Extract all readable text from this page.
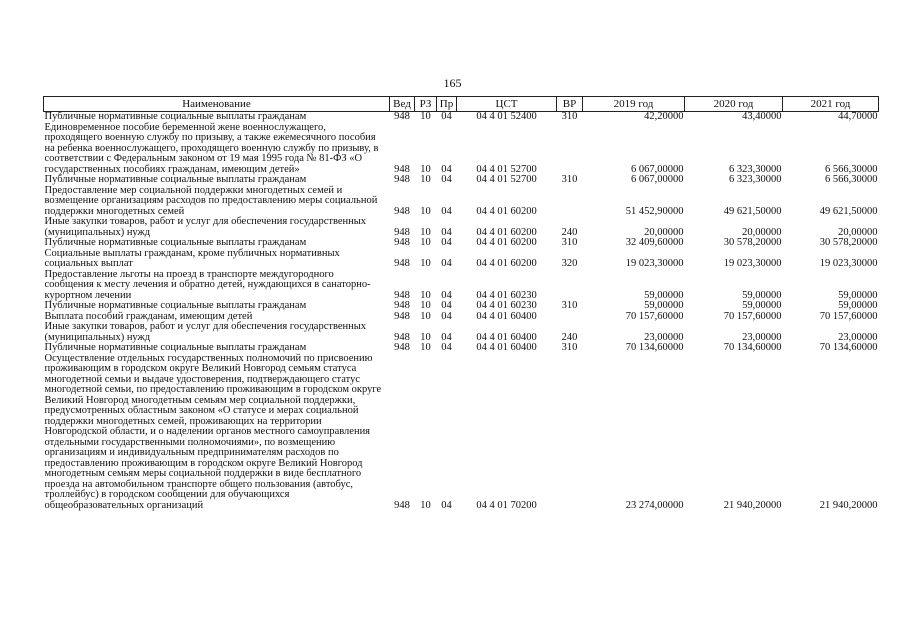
165
Наименование	Вед	РЗ	Пр	ЦСТ	ВР	2019 год	2020 год	2021 год
Публичные нормативные социальные выплаты гражданам	948	10	04	04 4 01 52400	310	42,20000	43,40000	44,70000
Единовременное пособие беременной жене военнослужащего, проходящего военную службу по призыву, а также ежемесячного пособия на ребенка военнослужащего, проходящего военную службу по призыву, в соответствии с Федеральным законом от 19 мая 1995 года № 81-ФЗ «О государственных пособиях гражданам, имеющим детей»	948	10	04	04 4 01 52700		6 067,00000	6 323,30000	6 566,30000
Публичные нормативные социальные выплаты гражданам	948	10	04	04 4 01 52700	310	6 067,00000	6 323,30000	6 566,30000
Предоставление мер социальной поддержки многодетных семей и возмещение организациям расходов по предоставлению меры социальной поддержки многодетных семей	948	10	04	04 4 01 60200		51 452,90000	49 621,50000	49 621,50000
Иные закупки товаров, работ и услуг для обеспечения государственных (муниципальных) нужд	948	10	04	04 4 01 60200	240	20,00000	20,00000	20,00000
Публичные нормативные социальные выплаты гражданам	948	10	04	04 4 01 60200	310	32 409,60000	30 578,20000	30 578,20000
Социальные выплаты гражданам, кроме публичных нормативных социальных выплат	948	10	04	04 4 01 60200	320	19 023,30000	19 023,30000	19 023,30000
Предоставление льготы на проезд в транспорте междугородного сообщения к месту лечения и обратно детей, нуждающихся в санаторно-курортном лечении	948	10	04	04 4 01 60230		59,00000	59,00000	59,00000
Публичные нормативные социальные выплаты гражданам	948	10	04	04 4 01 60230	310	59,00000	59,00000	59,00000
Выплата пособий гражданам, имеющим детей	948	10	04	04 4 01 60400		70 157,60000	70 157,60000	70 157,60000
Иные закупки товаров, работ и услуг для обеспечения государственных (муниципальных) нужд	948	10	04	04 4 01 60400	240	23,00000	23,00000	23,00000
Публичные нормативные социальные выплаты гражданам	948	10	04	04 4 01 60400	310	70 134,60000	70 134,60000	70 134,60000
Осуществление отдельных государственных полномочий по присвоению проживающим в городском округе Великий Новгород семьям статуса многодетной семьи и выдаче удостоверения, подтверждающего статус многодетной семьи, по предоставлению проживающим в городском округе Великий Новгород многодетным семьям мер социальной поддержки, предусмотренных областным законом «О статусе и мерах социальной поддержки многодетных семей, проживающих на территории Новгородской области, и о наделении органов местного самоуправления отдельными государственными полномочиями», по возмещению организациям и индивидуальным предпринимателям расходов по предоставлению проживающим в городском округе Великий Новгород многодетным семьям меры социальной поддержки в виде бесплатного проезда на автомобильном транспорте общего пользования (автобус, троллейбус) в городском сообщении для обучающихся общеобразовательных организаций	948	10	04	04 4 01 70200		23 274,00000	21 940,20000	21 940,20000
